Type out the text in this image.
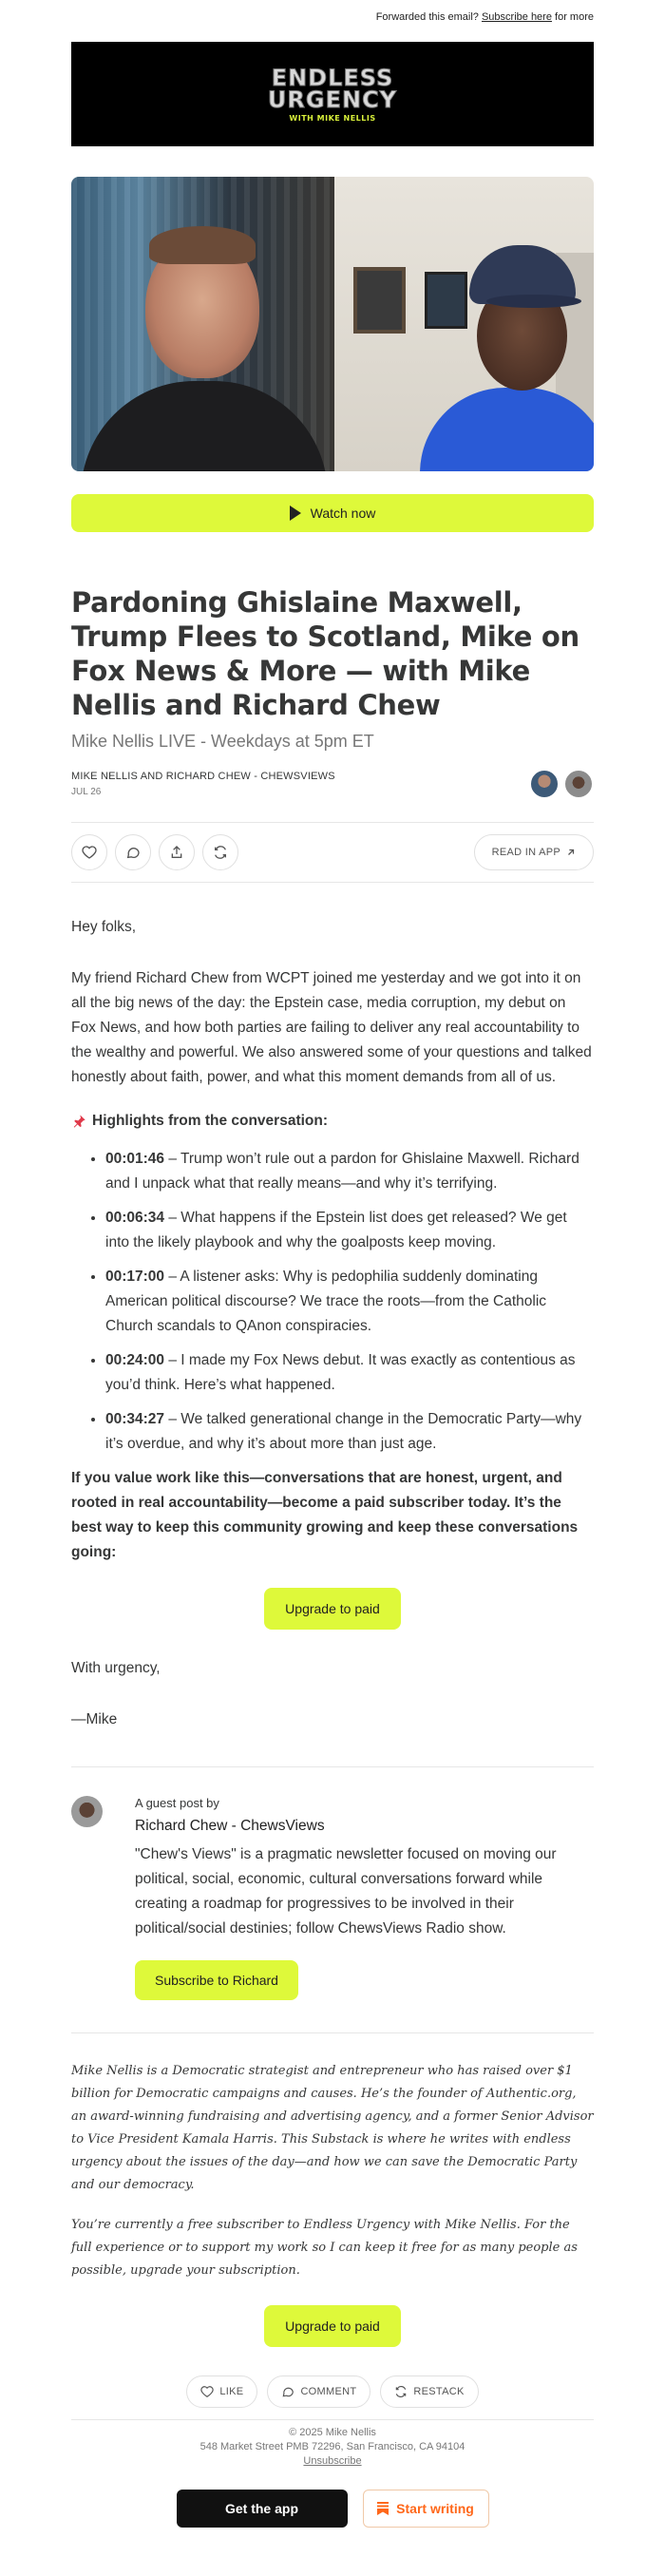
Forwarded this email? Subscribe here for more
ENDLESS
URGENCY
WITH MIKE NELLIS
Watch now
Pardoning Ghislaine Maxwell, Trump Flees to Scotland, Mike on Fox News & More — with Mike Nellis and Richard Chew
Mike Nellis LIVE - Weekdays at 5pm ET
MIKE NELLIS AND RICHARD CHEW - CHEWSVIEWS
JUL 26
READ IN APP

Hey folks,

My friend Richard Chew from WCPT joined me yesterday and we got into it on all the big news of the day: the Epstein case, media corruption, my debut on Fox News, and how both parties are failing to deliver any real accountability to the wealthy and powerful. We also answered some of your questions and talked honestly about faith, power, and what this moment demands from all of us.

Highlights from the conversation:
• 00:01:46 – Trump won’t rule out a pardon for Ghislaine Maxwell. Richard and I unpack what that really means—and why it’s terrifying.
• 00:06:34 – What happens if the Epstein list does get released? We get into the likely playbook and why the goalposts keep moving.
• 00:17:00 – A listener asks: Why is pedophilia suddenly dominating American political discourse? We trace the roots—from the Catholic Church scandals to QAnon conspiracies.
• 00:24:00 – I made my Fox News debut. It was exactly as contentious as you’d think. Here’s what happened.
• 00:34:27 – We talked generational change in the Democratic Party—why it’s overdue, and why it’s about more than just age.

If you value work like this—conversations that are honest, urgent, and rooted in real accountability—become a paid subscriber today. It’s the best way to keep this community growing and keep these conversations going:

Upgrade to paid

With urgency,

—Mike

A guest post by
Richard Chew - ChewsViews
"Chew's Views" is a pragmatic newsletter focused on moving our political, social, economic, cultural conversations forward while creating a roadmap for progressives to be involved in their political/social destinies; follow ChewsViews Radio show.
Subscribe to Richard
Mike Nellis is a Democratic strategist and entrepreneur who has raised over $1 billion for Democratic campaigns and causes. He’s the founder of Authentic.org, an award-winning fundraising and advertising agency, and a former Senior Advisor to Vice President Kamala Harris. This Substack is where he writes with endless urgency about the issues of the day—and how we can save the Democratic Party and our democracy.
You’re currently a free subscriber to Endless Urgency with Mike Nellis. For the full experience or to support my work so I can keep it free for as many people as possible, upgrade your subscription.
Upgrade to paid
LIKE	COMMENT	RESTACK
© 2025 Mike Nellis
548 Market Street PMB 72296, San Francisco, CA 94104
Unsubscribe
Get the app	Start writing
